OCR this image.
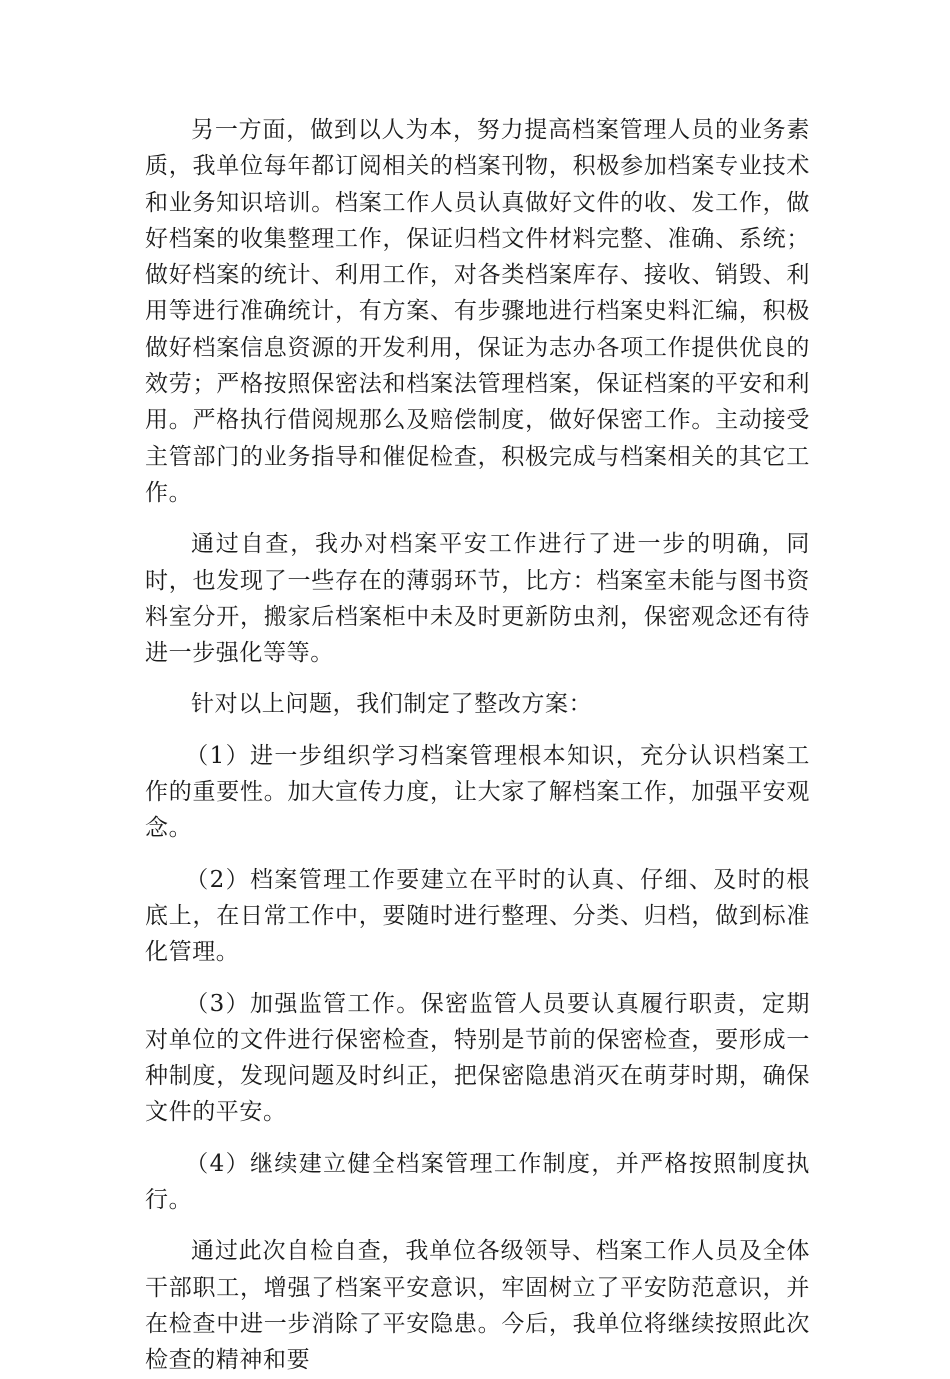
另一方面，做到以人为本，努力提高档案管理人员的业务素质，我单位每年都订阅相关的档案刊物，积极参加档案专业技术和业务知识培训。档案工作人员认真做好文件的收、发工作，做好档案的收集整理工作，保证归档文件材料完整、准确、系统；做好档案的统计、利用工作，对各类档案库存、接收、销毁、利用等进行准确统计，有方案、有步骤地进行档案史料汇编，积极做好档案信息资源的开发利用，保证为志办各项工作提供优良的效劳；严格按照保密法和档案法管理档案，保证档案的平安和利用。严格执行借阅规那么及赔偿制度，做好保密工作。主动接受主管部门的业务指导和催促检查，积极完成与档案相关的其它工作。

通过自查，我办对档案平安工作进行了进一步的明确，同时，也发现了一些存在的薄弱环节，比方：档案室未能与图书资料室分开，搬家后档案柜中未及时更新防虫剂，保密观念还有待进一步强化等等。

针对以上问题，我们制定了整改方案：

（1）进一步组织学习档案管理根本知识，充分认识档案工作的重要性。加大宣传力度，让大家了解档案工作，加强平安观念。

（2）档案管理工作要建立在平时的认真、仔细、及时的根底上，在日常工作中，要随时进行整理、分类、归档，做到标准化管理。

（3）加强监管工作。保密监管人员要认真履行职责，定期对单位的文件进行保密检查，特别是节前的保密检查，要形成一种制度，发现问题及时纠正，把保密隐患消灭在萌芽时期，确保文件的平安。

（4）继续建立健全档案管理工作制度，并严格按照制度执行。

通过此次自检自查，我单位各级领导、档案工作人员及全体干部职工，增强了档案平安意识，牢固树立了平安防范意识，并在检查中进一步消除了平安隐患。今后，我单位将继续按照此次检查的精神和要
